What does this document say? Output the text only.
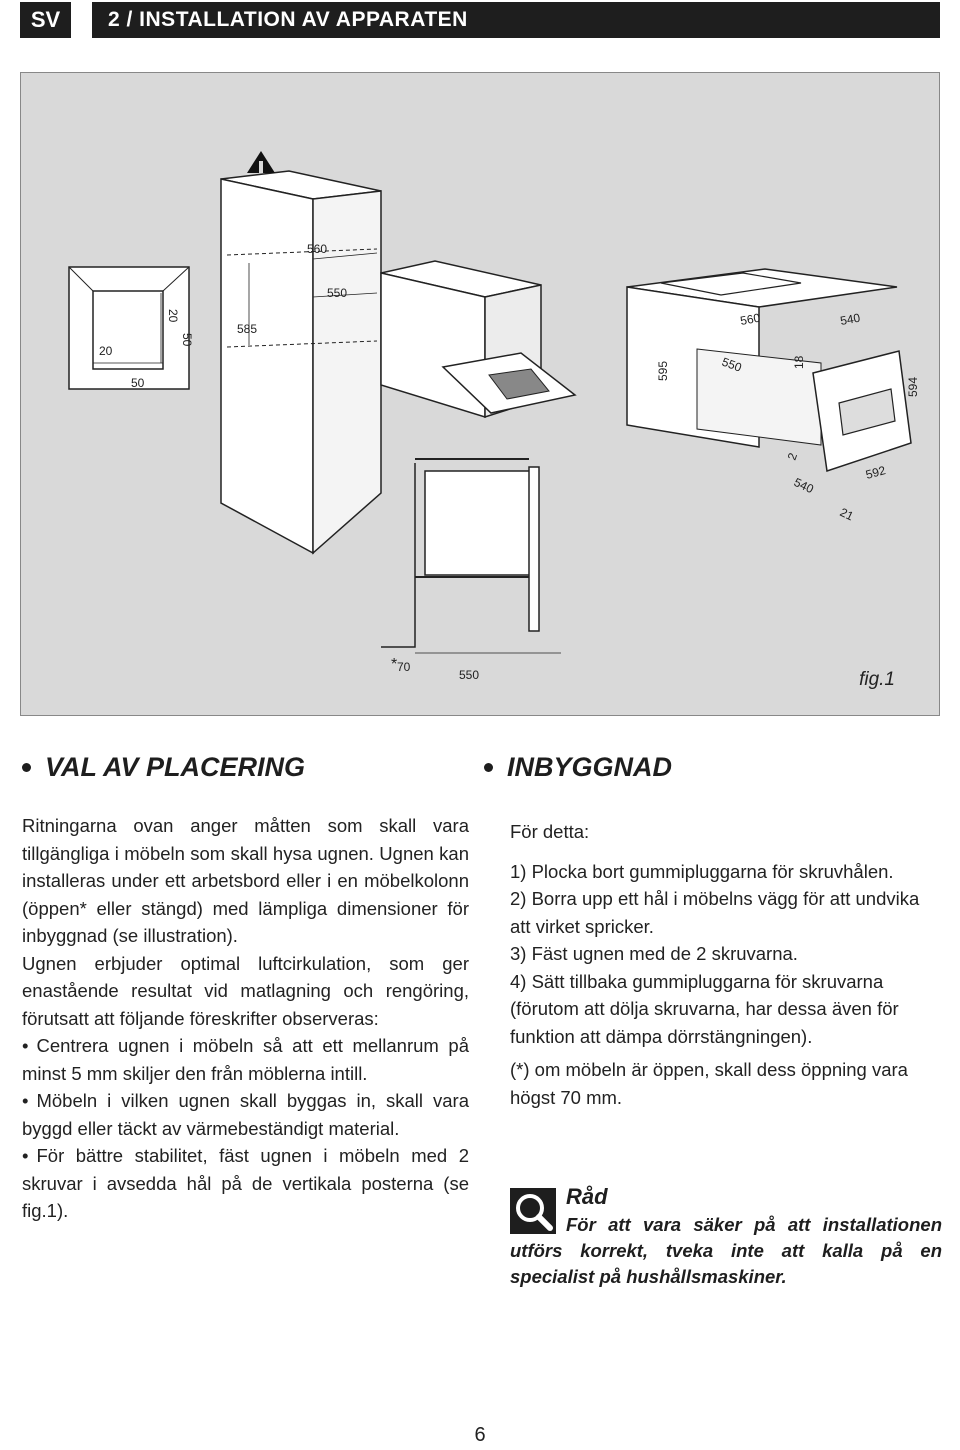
SV	2 / INSTALLATION AV APPARATEN
20
50
20
50
560
550
585
560
550
540
595	18
594
2
592
540
21
* 70
550	fig.1
VAL AV PLACERING

Ritningarna ovan anger måtten som skall vara tillgängliga i möbeln som skall hysa ugnen. Ugnen kan installeras under ett arbetsbord eller i en möbelkolonn (öppen* eller stängd) med lämpliga dimensioner för inbyggnad (se illustration).

Ugnen erbjuder optimal luftcirkulation, som ger enastående resultat vid matlagning och rengöring, förutsatt att följande föreskrifter observeras:

• Centrera ugnen i möbeln så att ett mellanrum på minst 5 mm skiljer den från möblerna intill.

• Möbeln i vilken ugnen skall byggas in, skall vara byggd eller täckt av värmebeständigt material.

• För bättre stabilitet, fäst ugnen i möbeln med 2 skruvar i avsedda hål på de vertikala posterna (se fig.1).

INBYGGNAD

För detta:

1) Plocka bort gummipluggarna för skruvhålen.

2) Borra upp ett hål i möbelns vägg för att undvika att virket spricker.

3) Fäst ugnen med de 2 skruvarna.

4) Sätt tillbaka gummipluggarna för skruvarna (förutom att dölja skruvarna, har dessa även för funktion att dämpa dörrstängningen).

(*) om möbeln är öppen, skall dess öppning vara högst 70 mm.

Råd
För att vara säker på att installationen utförs korrekt, tveka inte att kalla på en specialist på hushållsmaskiner.
6
